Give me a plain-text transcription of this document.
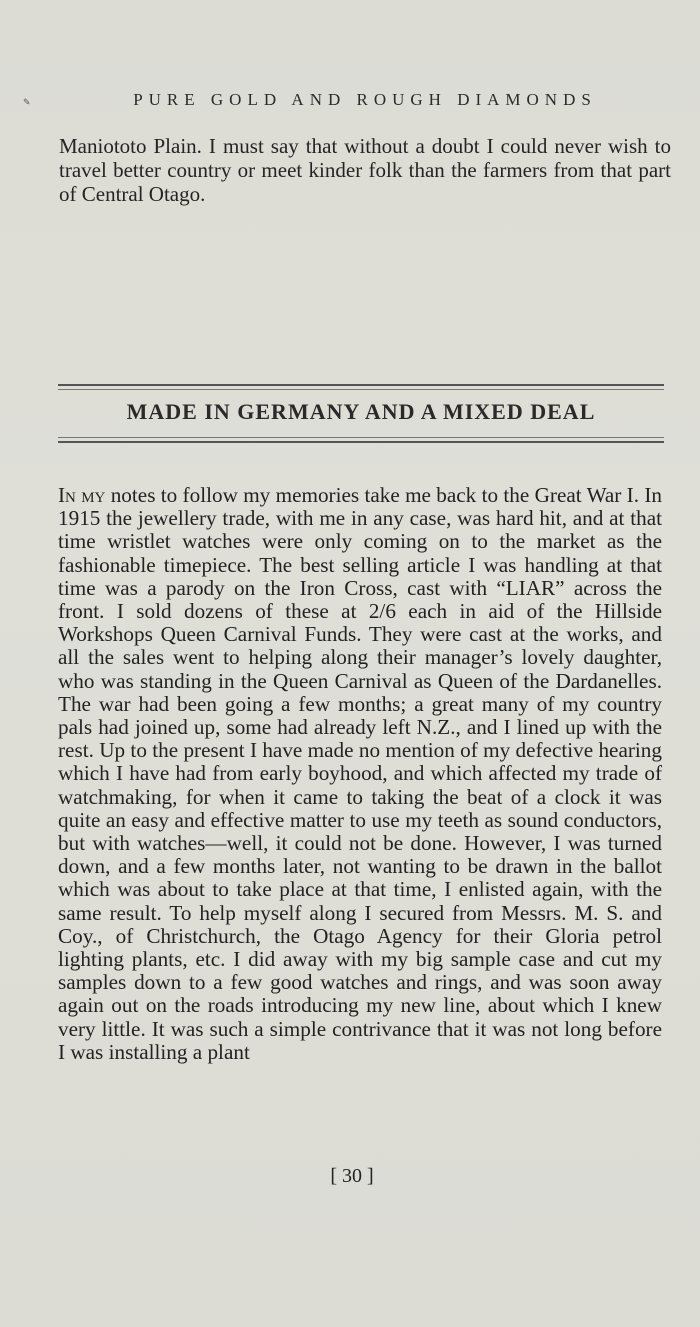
✎	PURE GOLD AND ROUGH DIAMONDS

Maniototo Plain. I must say that without a doubt I could never wish to travel better country or meet kinder folk than the farmers from that part of Central Otago.

MADE IN GERMANY AND A MIXED DEAL

In my notes to follow my memories take me back to the Great War I. In 1915 the jewellery trade, with me in any case, was hard hit, and at that time wristlet watches were only coming on to the market as the fashionable timepiece. The best selling article I was handling at that time was a parody on the Iron Cross, cast with “LIAR” across the front. I sold dozens of these at 2/6 each in aid of the Hillside Workshops Queen Carnival Funds. They were cast at the works, and all the sales went to helping along their manager’s lovely daughter, who was standing in the Queen Carnival as Queen of the Dardanelles. The war had been going a few months; a great many of my country pals had joined up, some had already left N.Z., and I lined up with the rest. Up to the present I have made no mention of my defective hearing which I have had from early boyhood, and which affected my trade of watchmaking, for when it came to taking the beat of a clock it was quite an easy and effective matter to use my teeth as sound conductors, but with watches—well, it could not be done. However, I was turned down, and a few months later, not wanting to be drawn in the ballot which was about to take place at that time, I enlisted again, with the same result. To help myself along I secured from Messrs. M. S. and Coy., of Christchurch, the Otago Agency for their Gloria petrol lighting plants, etc. I did away with my big sample case and cut my samples down to a few good watches and rings, and was soon away again out on the roads introducing my new line, about which I knew very little. It was such a simple contrivance that it was not long before I was installing a plant

[ 30 ]
